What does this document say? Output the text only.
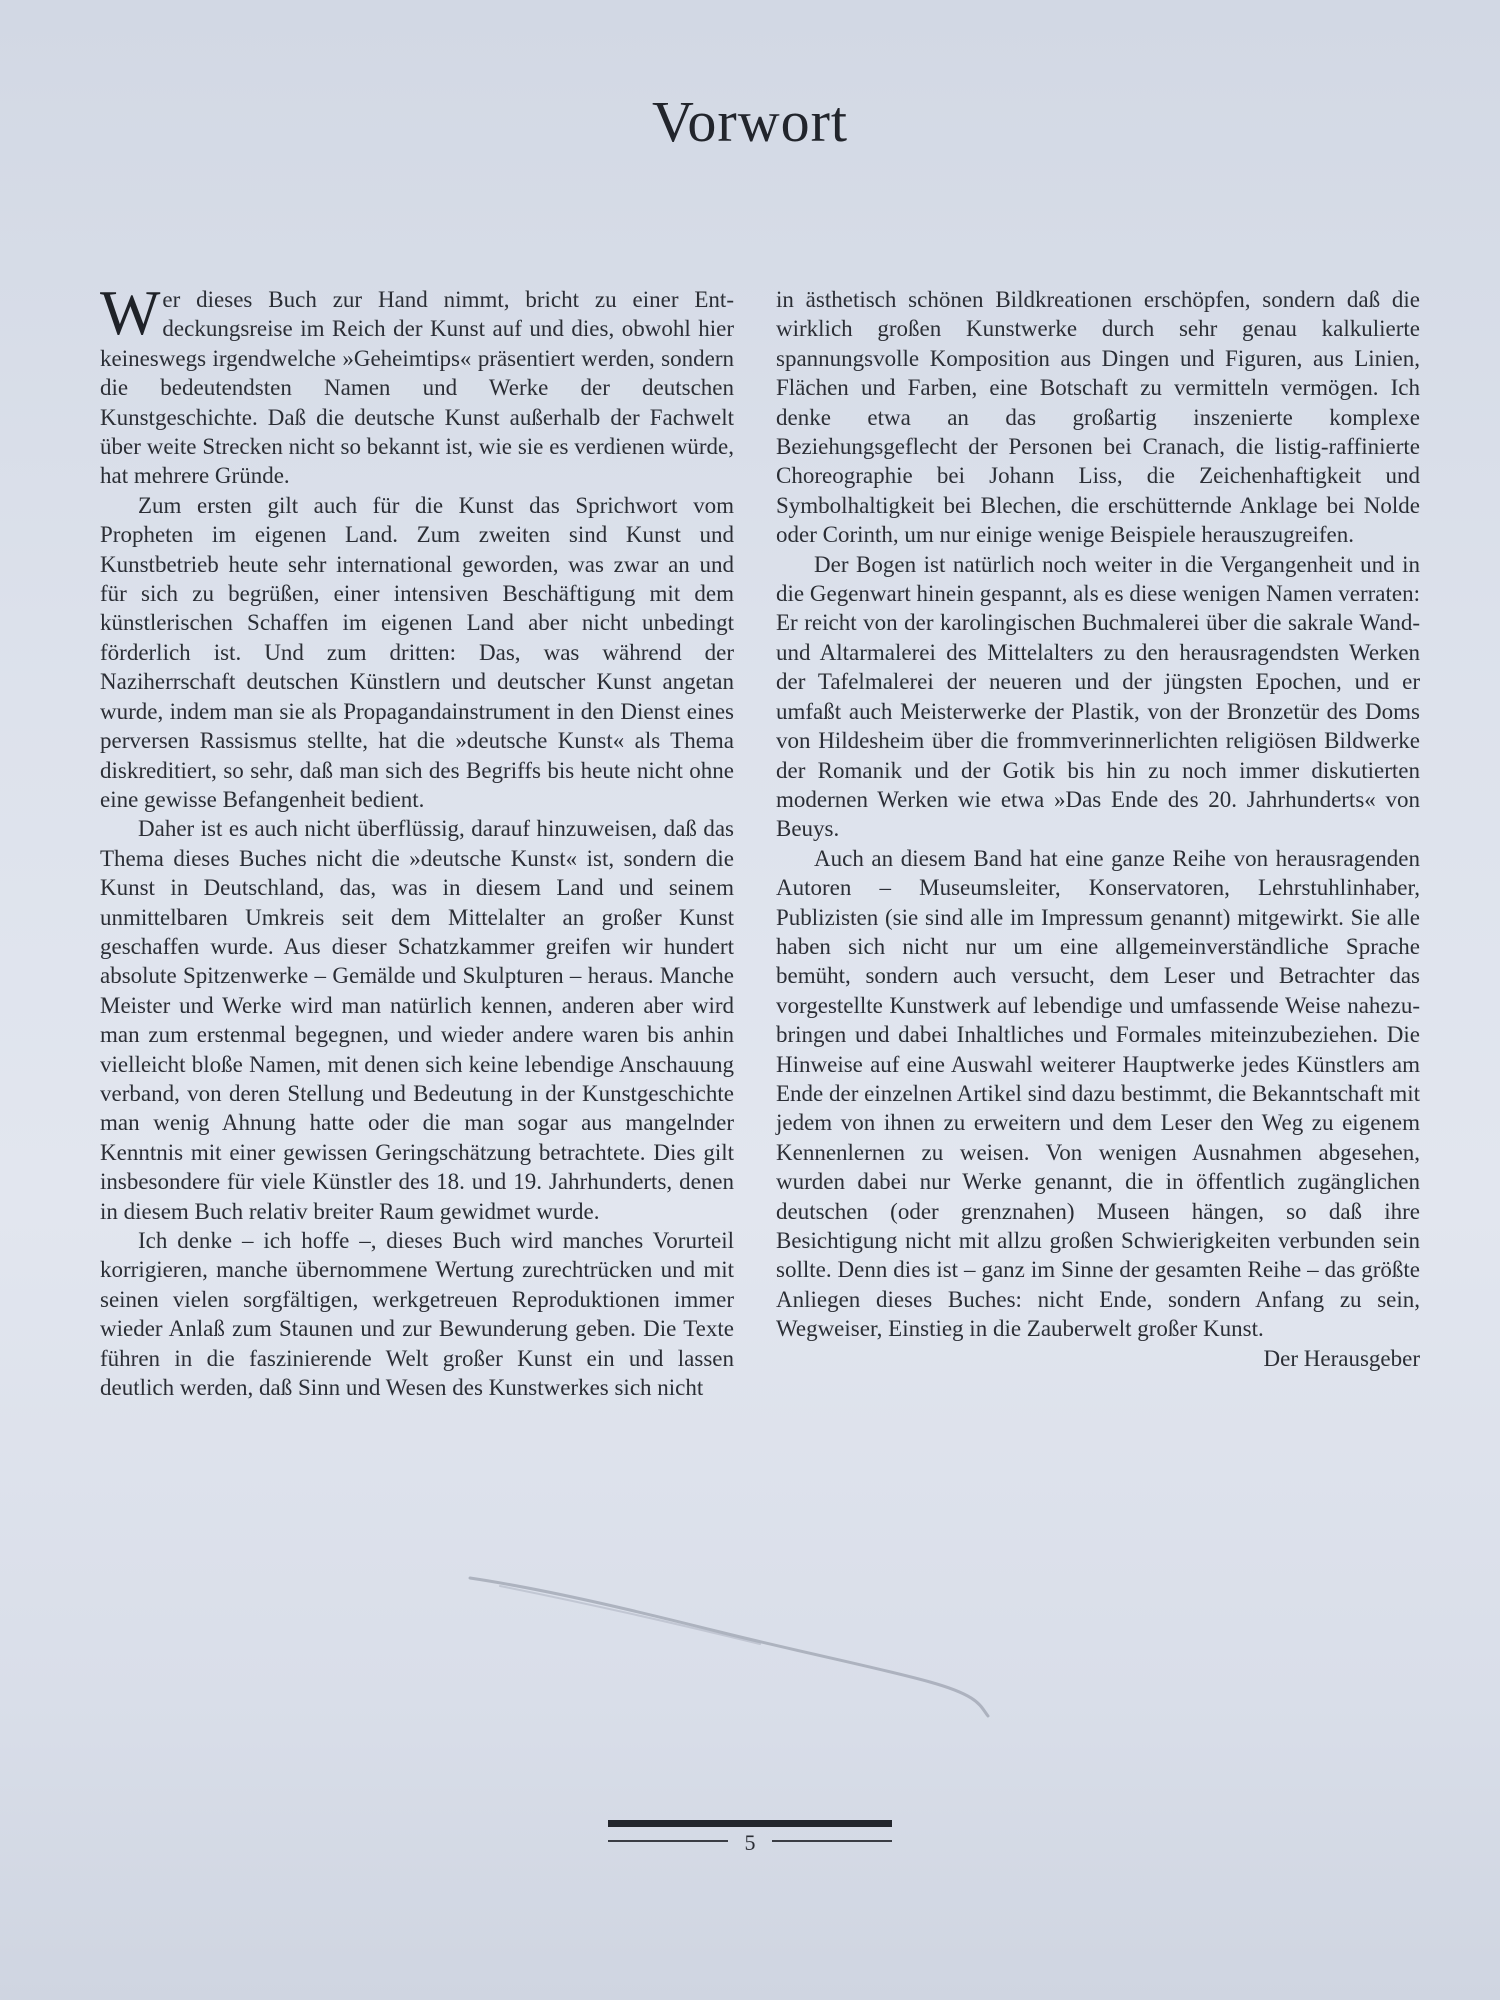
Vorwort

Wer dieses Buch zur Hand nimmt, bricht zu einer Entdeckungsreise im Reich der Kunst auf und dies, obwohl hier keineswegs irgendwelche »Geheimtips« präsentiert werden, sondern die bedeutendsten Namen und Werke der deutschen Kunstgeschichte. Daß die deutsche Kunst außerhalb der Fachwelt über weite Strecken nicht so bekannt ist, wie sie es verdienen würde, hat mehrere Gründe.

Zum ersten gilt auch für die Kunst das Sprichwort vom Propheten im eigenen Land. Zum zweiten sind Kunst und Kunstbetrieb heute sehr international geworden, was zwar an und für sich zu begrüßen, einer intensiven Beschäftigung mit dem künstlerischen Schaffen im eigenen Land aber nicht unbedingt förderlich ist. Und zum dritten: Das, was während der Naziherrschaft deutschen Künstlern und deutscher Kunst angetan wurde, indem man sie als Propagandainstrument in den Dienst eines perversen Rassismus stellte, hat die »deutsche Kunst« als Thema diskreditiert, so sehr, daß man sich des Begriffs bis heute nicht ohne eine gewisse Befangenheit bedient.

Daher ist es auch nicht überflüssig, darauf hinzuweisen, daß das Thema dieses Buches nicht die »deutsche Kunst« ist, sondern die Kunst in Deutschland, das, was in diesem Land und seinem unmittelbaren Umkreis seit dem Mittelalter an großer Kunst geschaffen wurde. Aus dieser Schatzkammer greifen wir hundert absolute Spitzenwerke – Gemälde und Skulpturen – heraus. Manche Meister und Werke wird man natürlich kennen, anderen aber wird man zum erstenmal begegnen, und wieder andere waren bis anhin vielleicht bloße Namen, mit denen sich keine lebendige Anschauung verband, von deren Stellung und Bedeutung in der Kunstgeschichte man wenig Ahnung hatte oder die man sogar aus mangelnder Kenntnis mit einer gewissen Geringschätzung betrachtete. Dies gilt insbesondere für viele Künstler des 18. und 19. Jahrhunderts, denen in diesem Buch relativ breiter Raum gewidmet wurde.

Ich denke – ich hoffe –, dieses Buch wird manches Vorurteil korrigieren, manche übernommene Wertung zurechtrücken und mit seinen vielen sorgfältigen, werkgetreuen Reproduktionen immer wieder Anlaß zum Staunen und zur Bewunderung geben. Die Texte führen in die faszinierende Welt großer Kunst ein und lassen deutlich werden, daß Sinn und Wesen des Kunstwerkes sich nicht

in ästhetisch schönen Bildkreationen erschöpfen, sondern daß die wirklich großen Kunstwerke durch sehr genau kalkulierte spannungsvolle Komposition aus Dingen und Figuren, aus Linien, Flächen und Farben, eine Botschaft zu vermitteln vermögen. Ich denke etwa an das großartig inszenierte komplexe Beziehungsgeflecht der Personen bei Cranach, die listig-raffinierte Choreographie bei Johann Liss, die Zeichenhaftigkeit und Symbolhaltigkeit bei Blechen, die erschütternde Anklage bei Nolde oder Corinth, um nur einige wenige Beispiele herauszugreifen.

Der Bogen ist natürlich noch weiter in die Vergangenheit und in die Gegenwart hinein gespannt, als es diese wenigen Namen verraten: Er reicht von der karolingischen Buchmalerei über die sakrale Wand- und Altarmalerei des Mittelalters zu den herausragendsten Werken der Tafelmalerei der neueren und der jüngsten Epochen, und er umfaßt auch Meisterwerke der Plastik, von der Bronzetür des Doms von Hildesheim über die frommverinnerlichten religiösen Bildwerke der Romanik und der Gotik bis hin zu noch immer diskutierten modernen Werken wie etwa »Das Ende des 20. Jahrhunderts« von Beuys.

Auch an diesem Band hat eine ganze Reihe von herausragenden Autoren – Museumsleiter, Konservatoren, Lehrstuhlinhaber, Publizisten (sie sind alle im Impressum genannt) mitgewirkt. Sie alle haben sich nicht nur um eine allgemeinverständliche Sprache bemüht, sondern auch versucht, dem Leser und Betrachter das vorgestellte Kunstwerk auf lebendige und umfassende Weise nahezubringen und dabei Inhaltliches und Formales miteinzubeziehen. Die Hinweise auf eine Auswahl weiterer Hauptwerke jedes Künstlers am Ende der einzelnen Artikel sind dazu bestimmt, die Bekanntschaft mit jedem von ihnen zu erweitern und dem Leser den Weg zu eigenem Kennenlernen zu weisen. Von wenigen Ausnahmen abgesehen, wurden dabei nur Werke genannt, die in öffentlich zugänglichen deutschen (oder grenznahen) Museen hängen, so daß ihre Besichtigung nicht mit allzu großen Schwierigkeiten verbunden sein sollte. Denn dies ist – ganz im Sinne der gesamten Reihe – das größte Anliegen dieses Buches: nicht Ende, sondern Anfang zu sein, Wegweiser, Einstieg in die Zauberwelt großer Kunst.

Der Herausgeber

5
